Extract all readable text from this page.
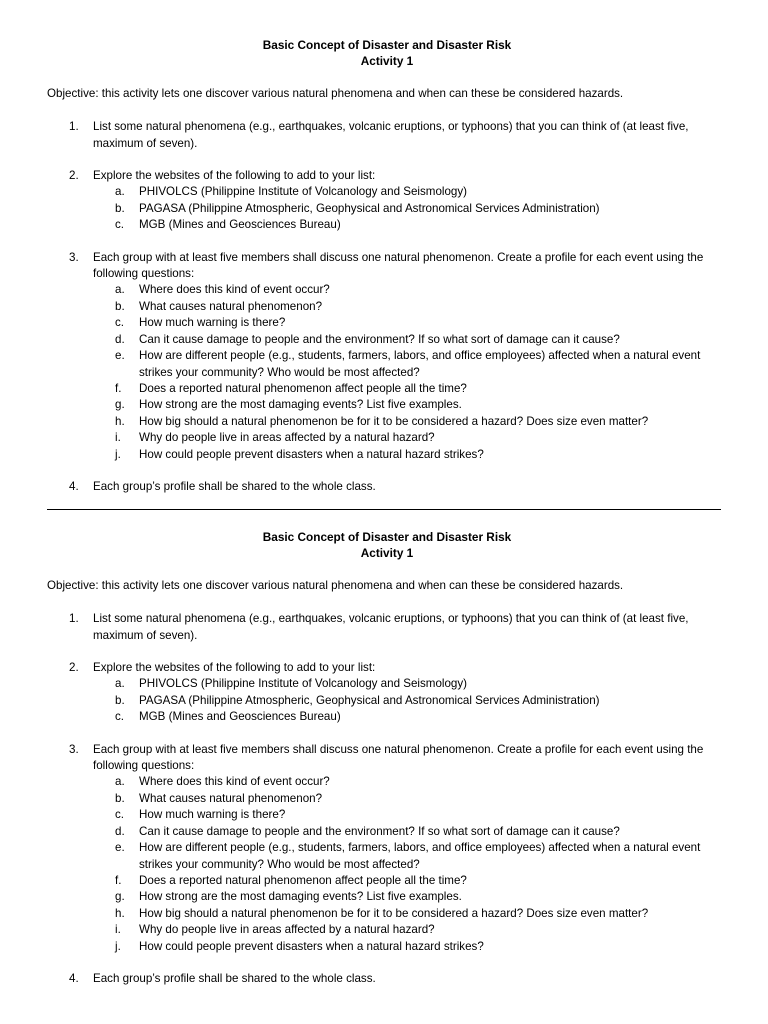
Basic Concept of Disaster and Disaster Risk

Activity 1

Objective: this activity lets one discover various natural phenomena and when can these be considered hazards.

1. List some natural phenomena (e.g., earthquakes, volcanic eruptions, or typhoons) that you can think of (at least five, maximum of seven).
2. Explore the websites of the following to add to your list:
a. PHIVOLCS (Philippine Institute of Volcanology and Seismology)
b. PAGASA (Philippine Atmospheric, Geophysical and Astronomical Services Administration)
c. MGB (Mines and Geosciences Bureau)
3. Each group with at least five members shall discuss one natural phenomenon. Create a profile for each event using the following questions:
a. Where does this kind of event occur?
b. What causes natural phenomenon?
c. How much warning is there?
d. Can it cause damage to people and the environment? If so what sort of damage can it cause?
e. How are different people (e.g., students, farmers, labors, and office employees) affected when a natural event strikes your community? Who would be most affected?
f. Does a reported natural phenomenon affect people all the time?
g. How strong are the most damaging events? List five examples.
h. How big should a natural phenomenon be for it to be considered a hazard? Does size even matter?
i. Why do people live in areas affected by a natural hazard?
j. How could people prevent disasters when a natural hazard strikes?
4. Each group’s profile shall be shared to the whole class.

Basic Concept of Disaster and Disaster Risk

Activity 1

Objective: this activity lets one discover various natural phenomena and when can these be considered hazards.

1. List some natural phenomena (e.g., earthquakes, volcanic eruptions, or typhoons) that you can think of (at least five, maximum of seven).
2. Explore the websites of the following to add to your list:
a. PHIVOLCS (Philippine Institute of Volcanology and Seismology)
b. PAGASA (Philippine Atmospheric, Geophysical and Astronomical Services Administration)
c. MGB (Mines and Geosciences Bureau)
3. Each group with at least five members shall discuss one natural phenomenon. Create a profile for each event using the following questions:
a. Where does this kind of event occur?
b. What causes natural phenomenon?
c. How much warning is there?
d. Can it cause damage to people and the environment? If so what sort of damage can it cause?
e. How are different people (e.g., students, farmers, labors, and office employees) affected when a natural event strikes your community? Who would be most affected?
f. Does a reported natural phenomenon affect people all the time?
g. How strong are the most damaging events? List five examples.
h. How big should a natural phenomenon be for it to be considered a hazard? Does size even matter?
i. Why do people live in areas affected by a natural hazard?
j. How could people prevent disasters when a natural hazard strikes?
4. Each group’s profile shall be shared to the whole class.
